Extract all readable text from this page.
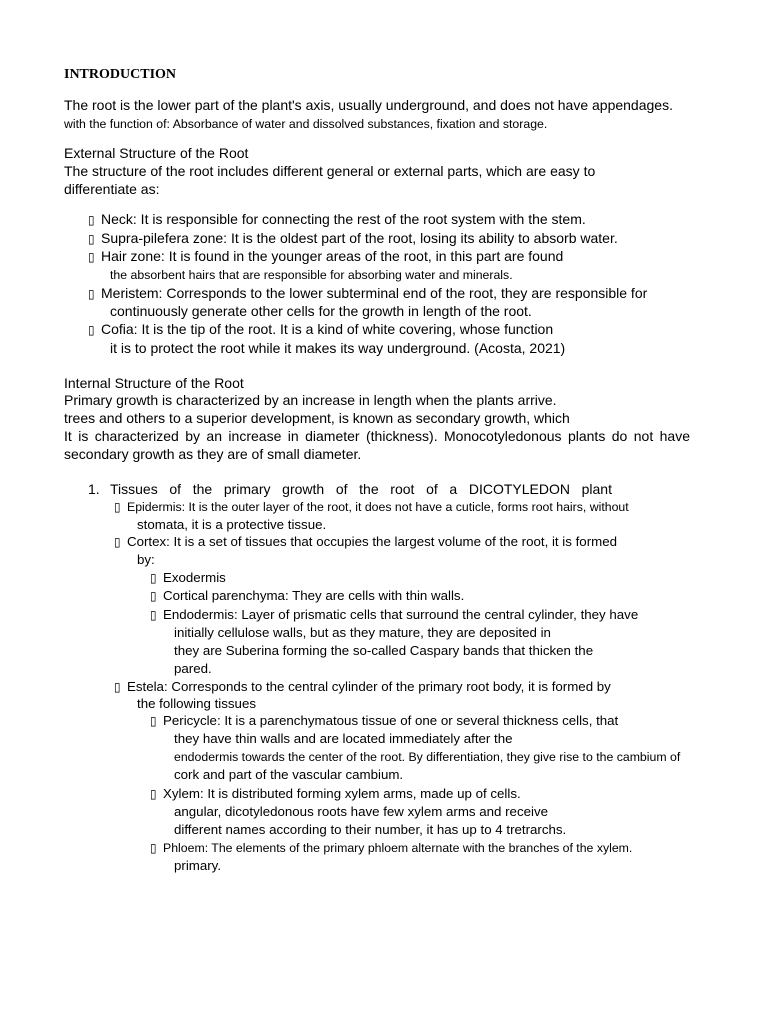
INTRODUCTION
The root is the lower part of the plant's axis, usually underground, and does not have appendages.
with the function of: Absorbance of water and dissolved substances, fixation and storage.
External Structure of the Root
The structure of the root includes different general or external parts, which are easy to
differentiate as:
▯ Neck: It is responsible for connecting the rest of the root system with the stem.
▯ Supra-pilefera zone: It is the oldest part of the root, losing its ability to absorb water.
▯ Hair zone: It is found in the younger areas of the root, in this part are found
the absorbent hairs that are responsible for absorbing water and minerals.
▯ Meristem: Corresponds to the lower subterminal end of the root, they are responsible for
continuously generate other cells for the growth in length of the root.
▯ Cofia: It is the tip of the root. It is a kind of white covering, whose function
it is to protect the root while it makes its way underground. (Acosta, 2021)
Internal Structure of the Root
Primary growth is characterized by an increase in length when the plants arrive.
trees and others to a superior development, is known as secondary growth, which
It is characterized by an increase in diameter (thickness). Monocotyledonous plants do not have
secondary growth as they are of small diameter.
1. Tissues of the primary growth of the root of a DICOTYLEDON plant
▯ Epidermis: It is the outer layer of the root, it does not have a cuticle, forms root hairs, without
stomata, it is a protective tissue.
▯ Cortex: It is a set of tissues that occupies the largest volume of the root, it is formed
by:
▯ Exodermis
▯ Cortical parenchyma: They are cells with thin walls.
▯ Endodermis: Layer of prismatic cells that surround the central cylinder, they have
initially cellulose walls, but as they mature, they are deposited in
they are Suberina forming the so-called Caspary bands that thicken the
pared.
▯ Estela: Corresponds to the central cylinder of the primary root body, it is formed by
the following tissues
▯ Pericycle: It is a parenchymatous tissue of one or several thickness cells, that
they have thin walls and are located immediately after the
endodermis towards the center of the root. By differentiation, they give rise to the cambium of
cork and part of the vascular cambium.
▯ Xylem: It is distributed forming xylem arms, made up of cells.
angular, dicotyledonous roots have few xylem arms and receive
different names according to their number, it has up to 4 tretrarchs.
▯ Phloem: The elements of the primary phloem alternate with the branches of the xylem.
primary.
